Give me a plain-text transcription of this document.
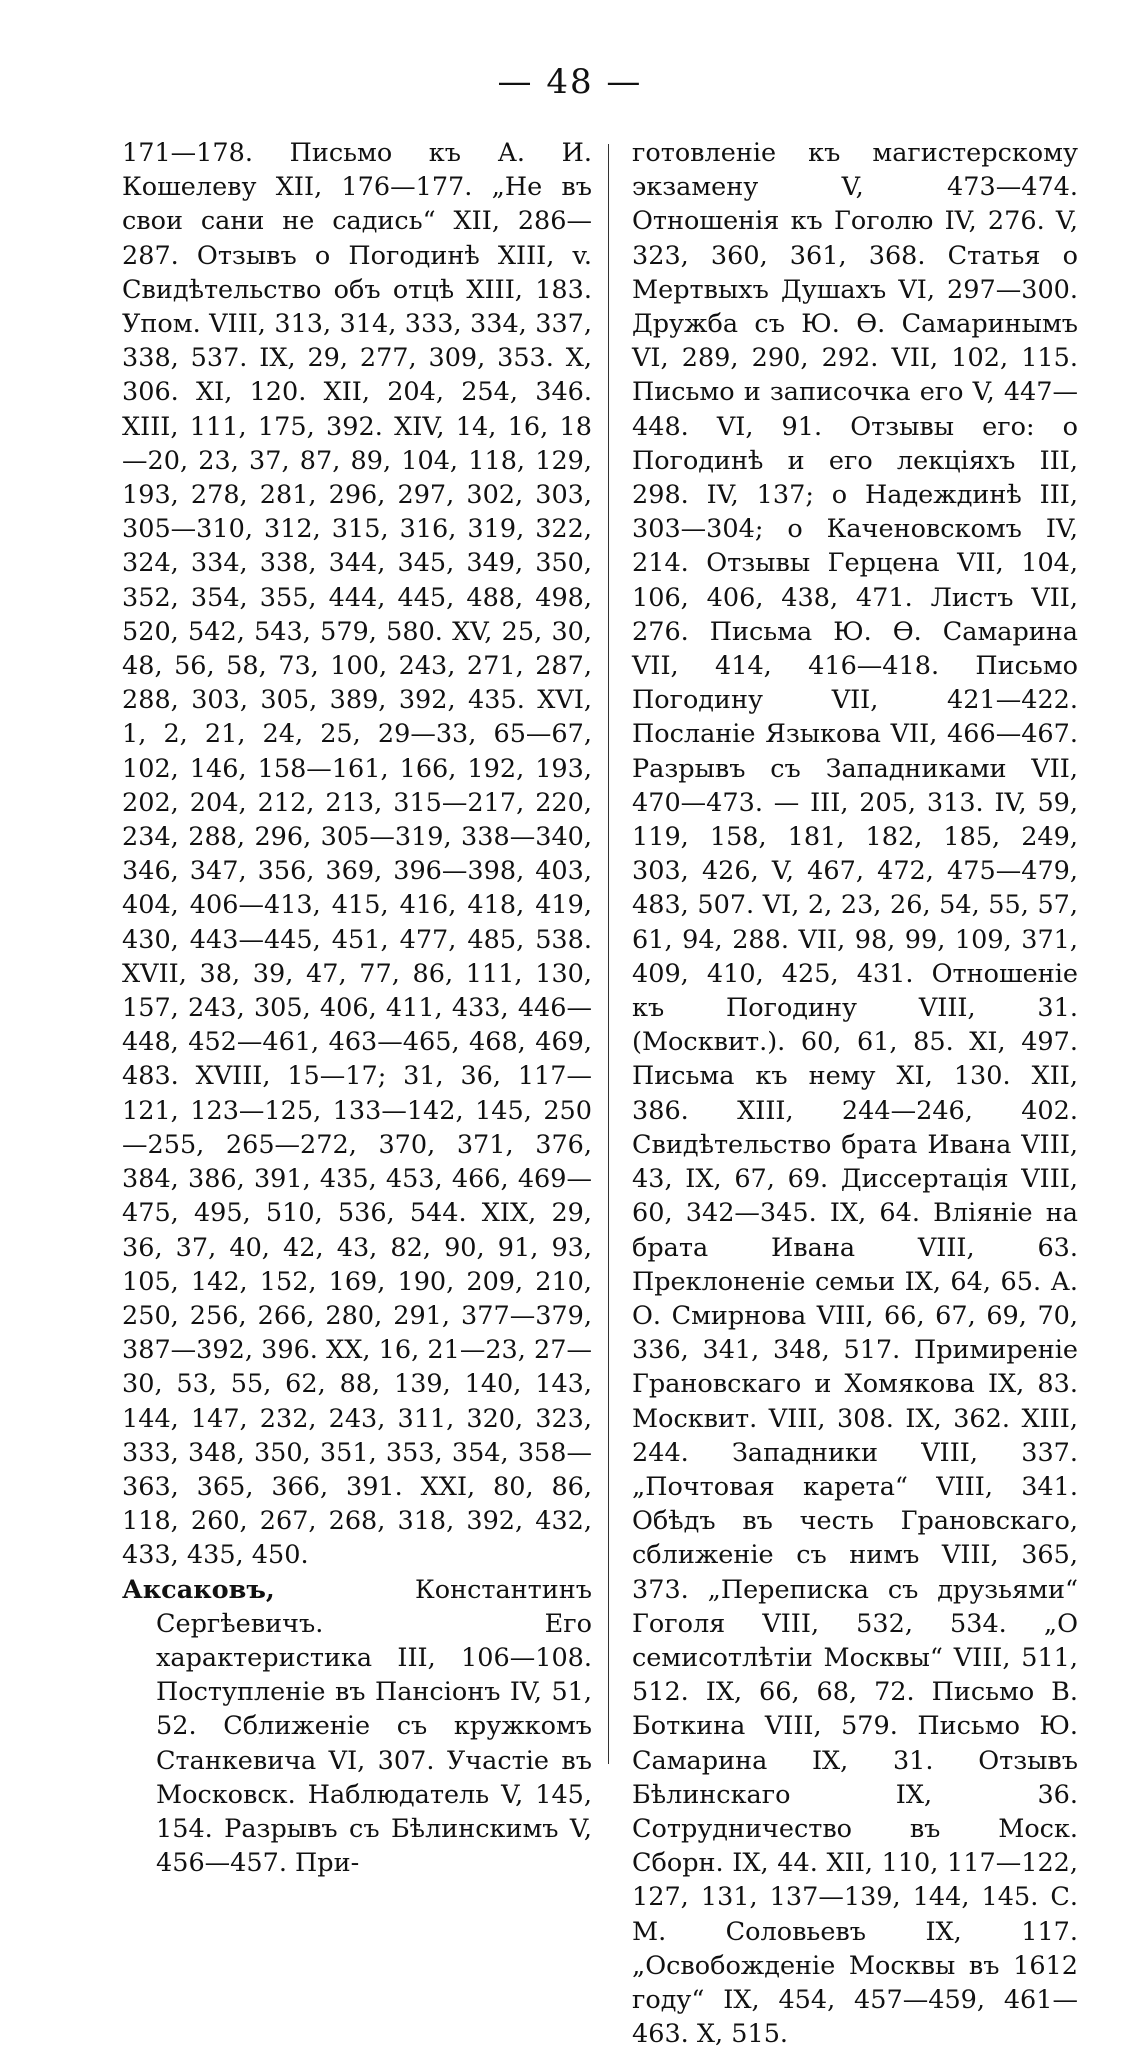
— 48 —

171—178. Письмо къ А. И. Кошелеву XII, 176—177. „Не въ свои сани не садись“ XII, 286—287. Отзывъ о Погодинѣ XIII, v. Свидѣтельство объ отцѣ XIII, 183. Упом. VIII, 313, 314, 333, 334, 337, 338, 537. IX, 29, 277, 309, 353. X, 306. XI, 120. XII, 204, 254, 346. XIII, 111, 175, 392. XIV, 14, 16, 18—20, 23, 37, 87, 89, 104, 118, 129, 193, 278, 281, 296, 297, 302, 303, 305—310, 312, 315, 316, 319, 322, 324, 334, 338, 344, 345, 349, 350, 352, 354, 355, 444, 445, 488, 498, 520, 542, 543, 579, 580. XV, 25, 30, 48, 56, 58, 73, 100, 243, 271, 287, 288, 303, 305, 389, 392, 435. XVI, 1, 2, 21, 24, 25, 29—33, 65—67, 102, 146, 158—161, 166, 192, 193, 202, 204, 212, 213, 315—217, 220, 234, 288, 296, 305—319, 338—340, 346, 347, 356, 369, 396—398, 403, 404, 406—413, 415, 416, 418, 419, 430, 443—445, 451, 477, 485, 538. XVII, 38, 39, 47, 77, 86, 111, 130, 157, 243, 305, 406, 411, 433, 446—448, 452—461, 463—465, 468, 469, 483. XVIII, 15—17; 31, 36, 117—121, 123—125, 133—142, 145, 250—255, 265—272, 370, 371, 376, 384, 386, 391, 435, 453, 466, 469—475, 495, 510, 536, 544. XIX, 29, 36, 37, 40, 42, 43, 82, 90, 91, 93, 105, 142, 152, 169, 190, 209, 210, 250, 256, 266, 280, 291, 377—379, 387—392, 396. XX, 16, 21—23, 27—30, 53, 55, 62, 88, 139, 140, 143, 144, 147, 232, 243, 311, 320, 323, 333, 348, 350, 351, 353, 354, 358—363, 365, 366, 391. XXI, 80, 86, 118, 260, 267, 268, 318, 392, 432, 433, 435, 450.

Аксаковъ, Константинъ Сергѣевичъ. Его характеристика III, 106—108. Поступленіе въ Пансіонъ IV, 51, 52. Сближеніе съ кружкомъ Станкевича VI, 307. Участіе въ Московск. Наблюдатель V, 145, 154. Разрывъ съ Бѣлинскимъ V, 456—457. При-

готовленіе къ магистерскому экзамену V, 473—474. Отношенія къ Гоголю IV, 276. V, 323, 360, 361, 368. Статья о Мертвыхъ Душахъ VI, 297—300. Дружба съ Ю. Ѳ. Самаринымъ VI, 289, 290, 292. VII, 102, 115. Письмо и записочка его V, 447—448. VI, 91. Отзывы его: о Погодинѣ и его лекціяхъ III, 298. IV, 137; о Надеждинѣ III, 303—304; о Каченовскомъ IV, 214. Отзывы Герцена VII, 104, 106, 406, 438, 471. Листъ VII, 276. Письма Ю. Ѳ. Самарина VII, 414, 416—418. Письмо Погодину VII, 421—422. Посланіе Языкова VII, 466—467. Разрывъ съ Западниками VII, 470—473. — III, 205, 313. IV, 59, 119, 158, 181, 182, 185, 249, 303, 426, V, 467, 472, 475—479, 483, 507. VI, 2, 23, 26, 54, 55, 57, 61, 94, 288. VII, 98, 99, 109, 371, 409, 410, 425, 431. Отношеніе къ Погодину VIII, 31. (Москвит.). 60, 61, 85. XI, 497. Письма къ нему XI, 130. XII, 386. XIII, 244—246, 402. Свидѣтельство брата Ивана VIII, 43, IX, 67, 69. Диссертація VIII, 60, 342—345. IX, 64. Вліяніе на брата Ивана VIII, 63. Преклоненіе семьи IX, 64, 65. А. О. Смирнова VIII, 66, 67, 69, 70, 336, 341, 348, 517. Примиреніе Грановскаго и Хомякова IX, 83. Москвит. VIII, 308. IX, 362. XIII, 244. Западники VIII, 337. „Почтовая карета“ VIII, 341. Обѣдъ въ честь Грановскаго, сближеніе съ нимъ VIII, 365, 373. „Переписка съ друзьями“ Гоголя VIII, 532, 534. „О семисотлѣтіи Москвы“ VIII, 511, 512. IX, 66, 68, 72. Письмо В. Боткина VIII, 579. Письмо Ю. Самарина IX, 31. Отзывъ Бѣлинскаго IX, 36. Сотрудничество въ Моск. Сборн. IX, 44. XII, 110, 117—122, 127, 131, 137—139, 144, 145. С. М. Соловьевъ IX, 117. „Освобожденіе Москвы въ 1612 году“ IX, 454, 457—459, 461—463. X, 515.
